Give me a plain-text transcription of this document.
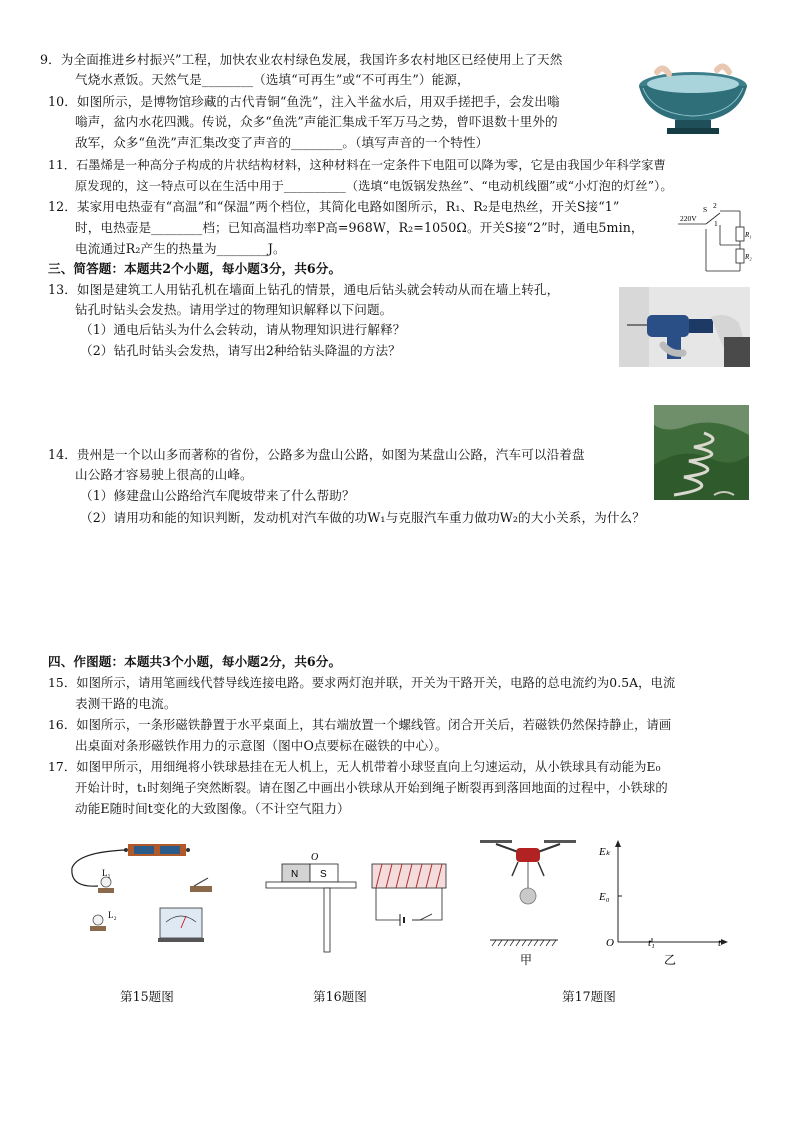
9．为全面推进乡村振兴”工程，加快农业农村绿色发展，我国许多农村地区已经使用上了天然
气烧水煮饭。天然气是________（选填“可再生”或“不可再生”）能源，
10．如图所示，是博物馆珍藏的古代青铜“鱼洗”，注入半盆水后，用双手搓把手，会发出嗡
嗡声，盆内水花四溅。传说，众多“鱼洗”声能汇集成千军万马之势，曾吓退数十里外的
敌军，众多“鱼洗”声汇集改变了声音的________。（填写声音的一个特性）
11．石墨烯是一种高分子构成的片状结构材料，这种材料在一定条件下电阻可以降为零，它是由我国少年科学家曹
原发现的，这一特点可以在生活中用于__________（选填“电饭锅发热丝”、“电动机线圈”或“小灯泡的灯丝”）。
12．某家用电热壶有“高温”和“保温”两个档位，其简化电路如图所示，R₁、R₂是电热丝，开关S接“1”
时，电热壶是________档；已知高温档功率P高=968W，R₂=1050Ω。开关S接“2”时，通电5min，
电流通过R₂产生的热量为________J。
220V
S 2
1
R₁
R₂
三、简答题：本题共2个小题，每小题3分，共6分。
13．如图是建筑工人用钻孔机在墙面上钻孔的情景，通电后钻头就会转动从而在墙上转孔，
钻孔时钻头会发热。请用学过的物理知识解释以下问题。
（1）通电后钻头为什么会转动，请从物理知识进行解释？
（2）钻孔时钻头会发热，请写出2种给钻头降温的方法？
14．贵州是一个以山多而著称的省份，公路多为盘山公路，如图为某盘山公路，汽车可以沿着盘
山公路才容易驶上很高的山峰。
（1）修建盘山公路给汽车爬坡带来了什么帮助？
（2）请用功和能的知识判断，发动机对汽车做的功W₁与克服汽车重力做功W₂的大小关系，为什么？
四、作图题：本题共3个小题，每小题2分，共6分。
15．如图所示，请用笔画线代替导线连接电路。要求两灯泡并联，开关为干路开关，电路的总电流约为0.5A，电流
表测干路的电流。
16．如图所示，一条形磁铁静置于水平桌面上，其右端放置一个螺线管。闭合开关后，若磁铁仍然保持静止，请画
出桌面对条形磁铁作用力的示意图（图中O点要标在磁铁的中心）。
17．如图甲所示，用细绳将小铁球悬挂在无人机上，无人机带着小球竖直向上匀速运动，从小铁球具有动能为E₀
开始计时，t₁时刻绳子突然断裂。请在图乙中画出小铁球从开始到绳子断裂再到落回地面的过程中，小铁球的
动能E随时间t变化的大致图像。（不计空气阻力）
L₁
L₂
O
N S
甲
Eₖ
E₀
O	t₁	t
乙
第15题图	第16题图	第17题图
